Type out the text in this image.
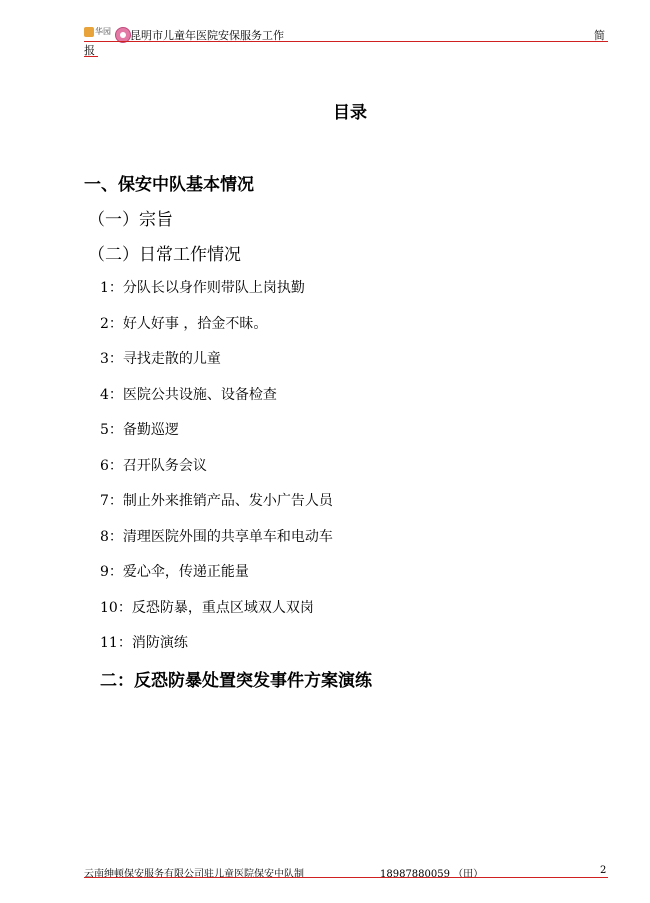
华园 昆明市儿童年医院安保服务工作	简
报
目录
一、保安中队基本情况
（一）宗旨
（二）日常工作情况
1：分队长以身作则带队上岗执勤
2：好人好事 ，拾金不昧。
3：寻找走散的儿童
4：医院公共设施、设备检查
5：备勤巡逻
6：召开队务会议
7：制止外来推销产品、发小广告人员
8：清理医院外围的共享单车和电动车
9：爱心伞，传递正能量
10：反恐防暴，重点区域双人双岗
11：消防演练
二：反恐防暴处置突发事件方案演练
云南绅顿保安服务有限公司驻儿童医院保安中队制	18987880059 （田）	2
